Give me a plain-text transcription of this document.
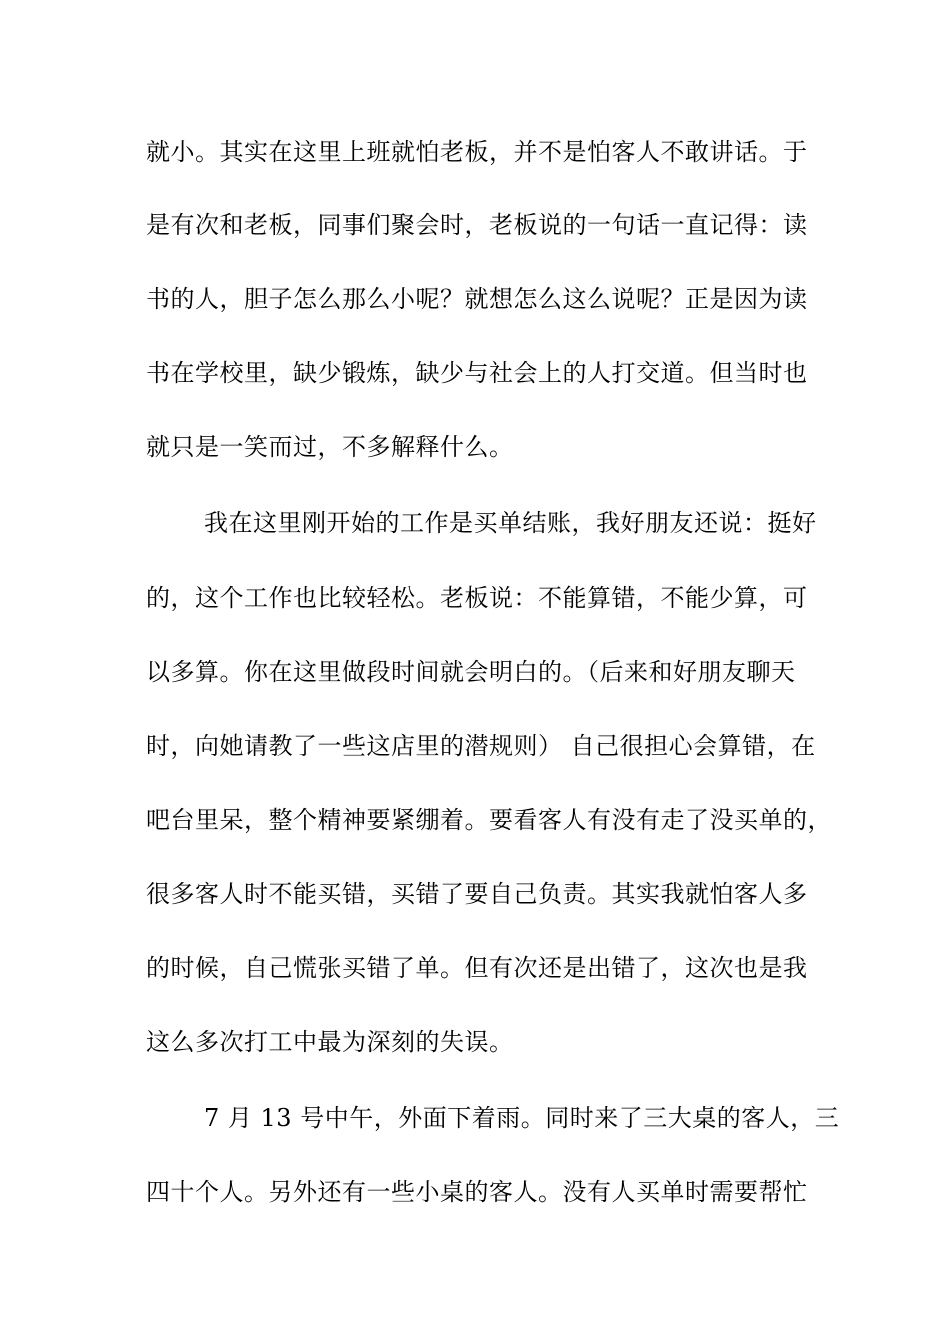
就小。其实在这里上班就怕老板，并不是怕客人不敢讲话。于
是有次和老板，同事们聚会时，老板说的一句话一直记得：读
书的人，胆子怎么那么小呢？就想怎么这么说呢？正是因为读
书在学校里，缺少锻炼，缺少与社会上的人打交道。但当时也
就只是一笑而过，不多解释什么。
我在这里刚开始的工作是买单结账，我好朋友还说：挺好
的，这个工作也比较轻松。老板说：不能算错，不能少算，可
以多算。你在这里做段时间就会明白的。（后来和好朋友聊天
时，向她请教了一些这店里的潜规则） 自己很担心会算错，在
吧台里呆，整个精神要紧绷着。要看客人有没有走了没买单的，
很多客人时不能买错，买错了要自己负责。其实我就怕客人多
的时候，自己慌张买错了单。但有次还是出错了，这次也是我
这么多次打工中最为深刻的失误。
7 月 13 号中午，外面下着雨。同时来了三大桌的客人，三
四十个人。另外还有一些小桌的客人。没有人买单时需要帮忙
